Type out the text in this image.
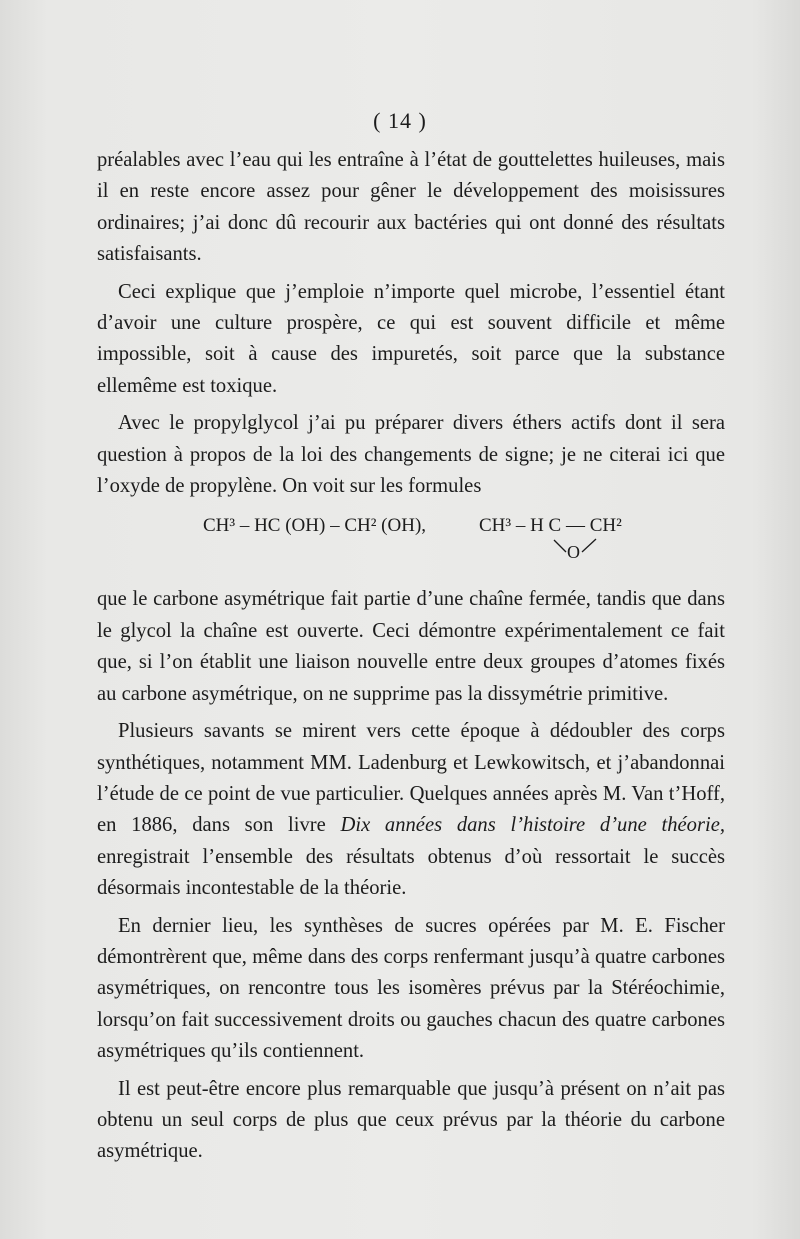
( 14 )

préalables avec l’eau qui les entraîne à l’état de gouttelettes huileuses, mais il en reste encore assez pour gêner le développement des moisissures ordinaires; j’ai donc dû recourir aux bactéries qui ont donné des résultats satisfaisants.

Ceci explique que j’emploie n’importe quel microbe, l’essentiel étant d’avoir une culture prospère, ce qui est souvent difficile et même impossible, soit à cause des impuretés, soit parce que la substance ellemême est toxique.

Avec le propylglycol j’ai pu préparer divers éthers actifs dont il sera question à propos de la loi des changements de signe; je ne citerai ici que l’oxyde de propylène. On voit sur les formules

CH³ – HC (OH) – CH² (OH),	CH³ – H C — CH²
O

que le carbone asymétrique fait partie d’une chaîne fermée, tandis que dans le glycol la chaîne est ouverte. Ceci démontre expérimentalement ce fait que, si l’on établit une liaison nouvelle entre deux groupes d’atomes fixés au carbone asymétrique, on ne supprime pas la dissymétrie primitive.

Plusieurs savants se mirent vers cette époque à dédoubler des corps synthétiques, notamment MM. Ladenburg et Lewkowitsch, et j’abandonnai l’étude de ce point de vue particulier. Quelques années après M. Van t’Hoff, en 1886, dans son livre Dix années dans l’histoire d’une théorie, enregistrait l’ensemble des résultats obtenus d’où ressortait le succès désormais incontestable de la théorie.

En dernier lieu, les synthèses de sucres opérées par M. E. Fischer démontrèrent que, même dans des corps renfermant jusqu’à quatre carbones asymétriques, on rencontre tous les isomères prévus par la Stéréochimie, lorsqu’on fait successivement droits ou gauches chacun des quatre carbones asymétriques qu’ils contiennent.

Il est peut-être encore plus remarquable que jusqu’à présent on n’ait pas obtenu un seul corps de plus que ceux prévus par la théorie du carbone asymétrique.
